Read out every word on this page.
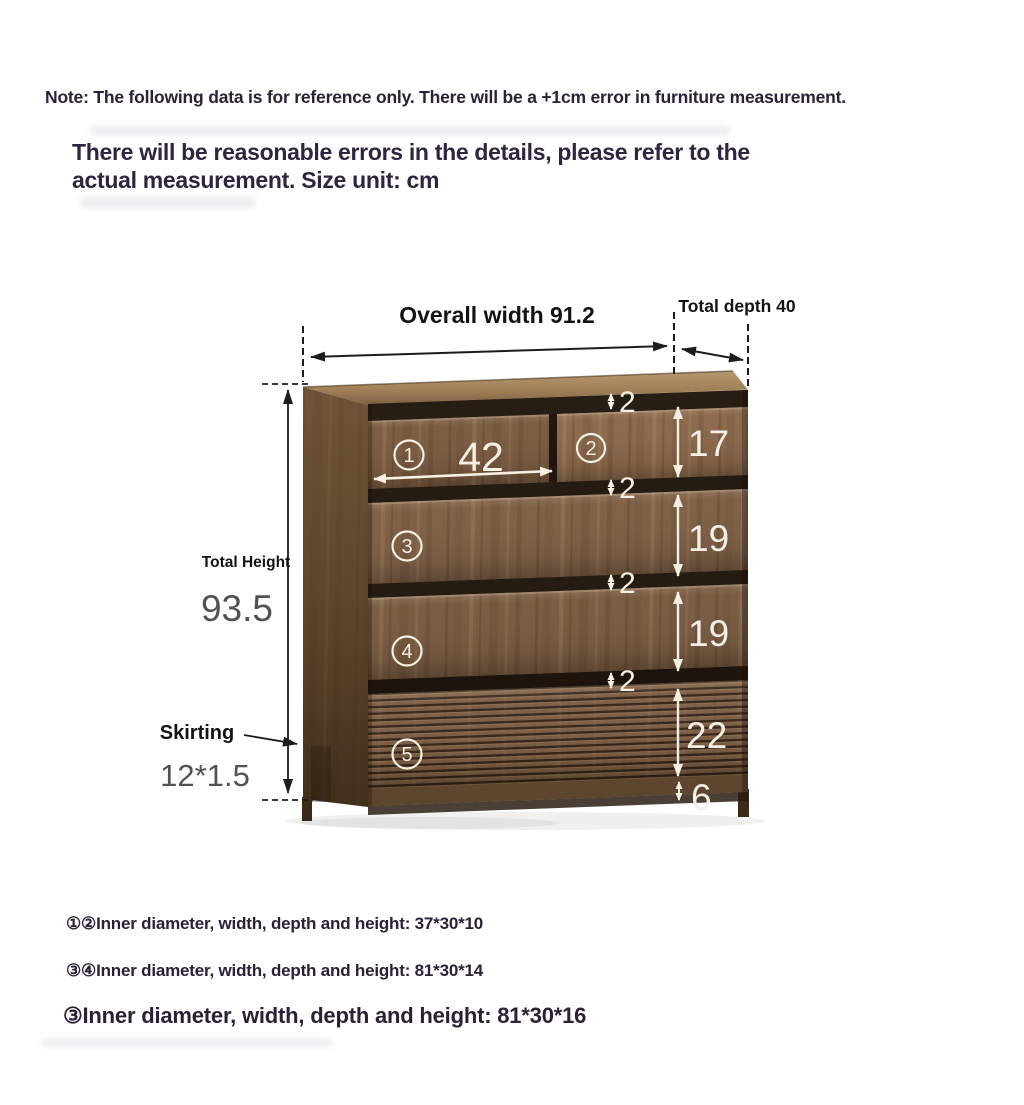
Note: The following data is for reference only. There will be a +1cm error in furniture measurement.
There will be reasonable errors in the details, please refer to the
actual measurement. Size unit: cm
Overall width 91.2	Total depth 40
Total Height
93.5
Skirting
12*1.5
1	2
3
4
5
42
2
2
2
2
17
19
19
22
6
①②Inner diameter, width, depth and height: 37*30*10
③④Inner diameter, width, depth and height: 81*30*14
③Inner diameter, width, depth and height: 81*30*16
